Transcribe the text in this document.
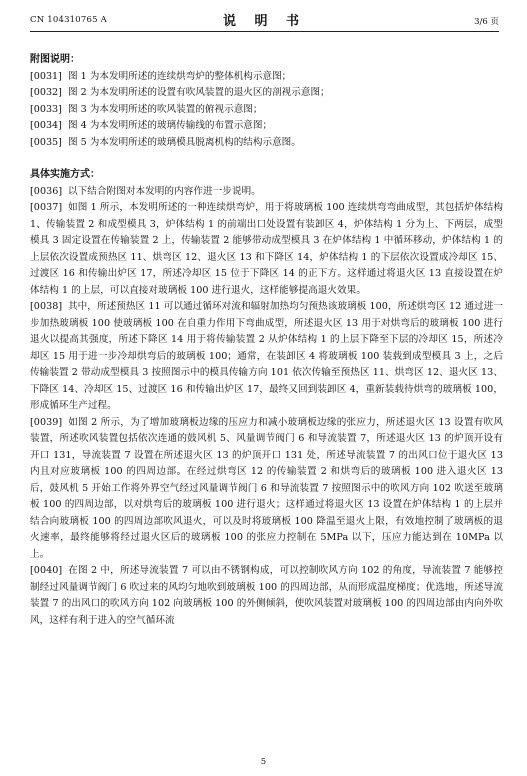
CN 104310765 A	说 明 书	3/6 页

附图说明：

[0031] 图 1 为本发明所述的连续烘弯炉的整体机构示意图；
[0032] 图 2 为本发明所述的设置有吹风装置的退火区的剖视示意图；
[0033] 图 3 为本发明所述的吹风装置的俯视示意图；
[0034] 图 4 为本发明所述的玻璃传输线的布置示意图；
[0035] 图 5 为本发明所述的玻璃模具脱离机构的结构示意图。

具体实施方式：

[0036] 以下结合附图对本发明的内容作进一步说明。

[0037] 如图 1 所示，本发明所述的一种连续烘弯炉，用于将玻璃板 100 连续烘弯弯曲成型，其包括炉体结构 1、传输装置 2 和成型模具 3，炉体结构 1 的前端出口处设置有装卸区 4，炉体结构 1 分为上、下两层，成型模具 3 固定设置在传输装置 2 上，传输装置 2 能够带动成型模具 3 在炉体结构 1 中循环移动，炉体结构 1 的上层依次设置成预热区 11、烘弯区 12、退火区 13 和下降区 14，炉体结构 1 的下层依次设置成冷却区 15、过渡区 16 和传输出炉区 17，所述冷却区 15 位于下降区 14 的正下方。这样通过将退火区 13 直接设置在炉体结构 1 的上层，可以直接对玻璃板 100 进行退火，这样能够提高退火效果。

[0038] 其中，所述预热区 11 可以通过循环对流和辐射加热均匀预热该玻璃板 100，所述烘弯区 12 通过进一步加热玻璃板 100 使玻璃板 100 在自重力作用下弯曲成型，所述退火区 13 用于对烘弯后的玻璃板 100 进行退火以提高其强度，所述下降区 14 用于将传输装置 2 从炉体结构 1 的上层下降至下层的冷却区 15，所述冷却区 15 用于进一步冷却烘弯后的玻璃板 100；通常，在装卸区 4 将玻璃板 100 装载到成型模具 3 上，之后传输装置 2 带动成型模具 3 按照图示中的模具传输方向 101 依次传输至预热区 11、烘弯区 12、退火区 13、下降区 14、冷却区 15、过渡区 16 和传输出炉区 17，最终又回到装卸区 4，重新装载待烘弯的玻璃板 100，形成循环生产过程。

[0039] 如图 2 所示，为了增加玻璃板边缘的压应力和减小玻璃板边缘的张应力，所述退火区 13 设置有吹风装置，所述吹风装置包括依次连通的鼓风机 5、风量调节阀门 6 和导流装置 7，所述退火区 13 的炉顶开设有开口 131，导流装置 7 设置在所述退火区 13 的炉顶开口 131 处，所述导流装置 7 的出风口位于退火区 13 内且对应玻璃板 100 的四周边部。在经过烘弯区 12 的传输装置 2 和烘弯后的玻璃板 100 进入退火区 13 后，鼓风机 5 开始工作将外界空气经过风量调节阀门 6 和导流装置 7 按照图示中的吹风方向 102 吹送至玻璃板 100 的四周边部，以对烘弯后的玻璃板 100 进行退火；这样通过将退火区 13 设置在炉体结构 1 的上层并结合向玻璃板 100 的四周边部吹风退火，可以及时将玻璃板 100 降温至退火上限，有效地控制了玻璃板的退火速率，最终能够将经过退火区后的玻璃板 100 的张应力控制在 5MPa 以下，压应力能达到在 10MPa 以上。

[0040] 在图 2 中，所述导流装置 7 可以由不锈钢构成，可以控制吹风方向 102 的角度，导流装置 7 能够控制经过风量调节阀门 6 吹过来的风均匀地吹到玻璃板 100 的四周边部，从而形成温度梯度；优选地，所述导流装置 7 的出风口的吹风方向 102 向玻璃板 100 的外侧倾斜，使吹风装置对玻璃板 100 的四周边部由内向外吹风，这样有利于进入的空气循环流

5
